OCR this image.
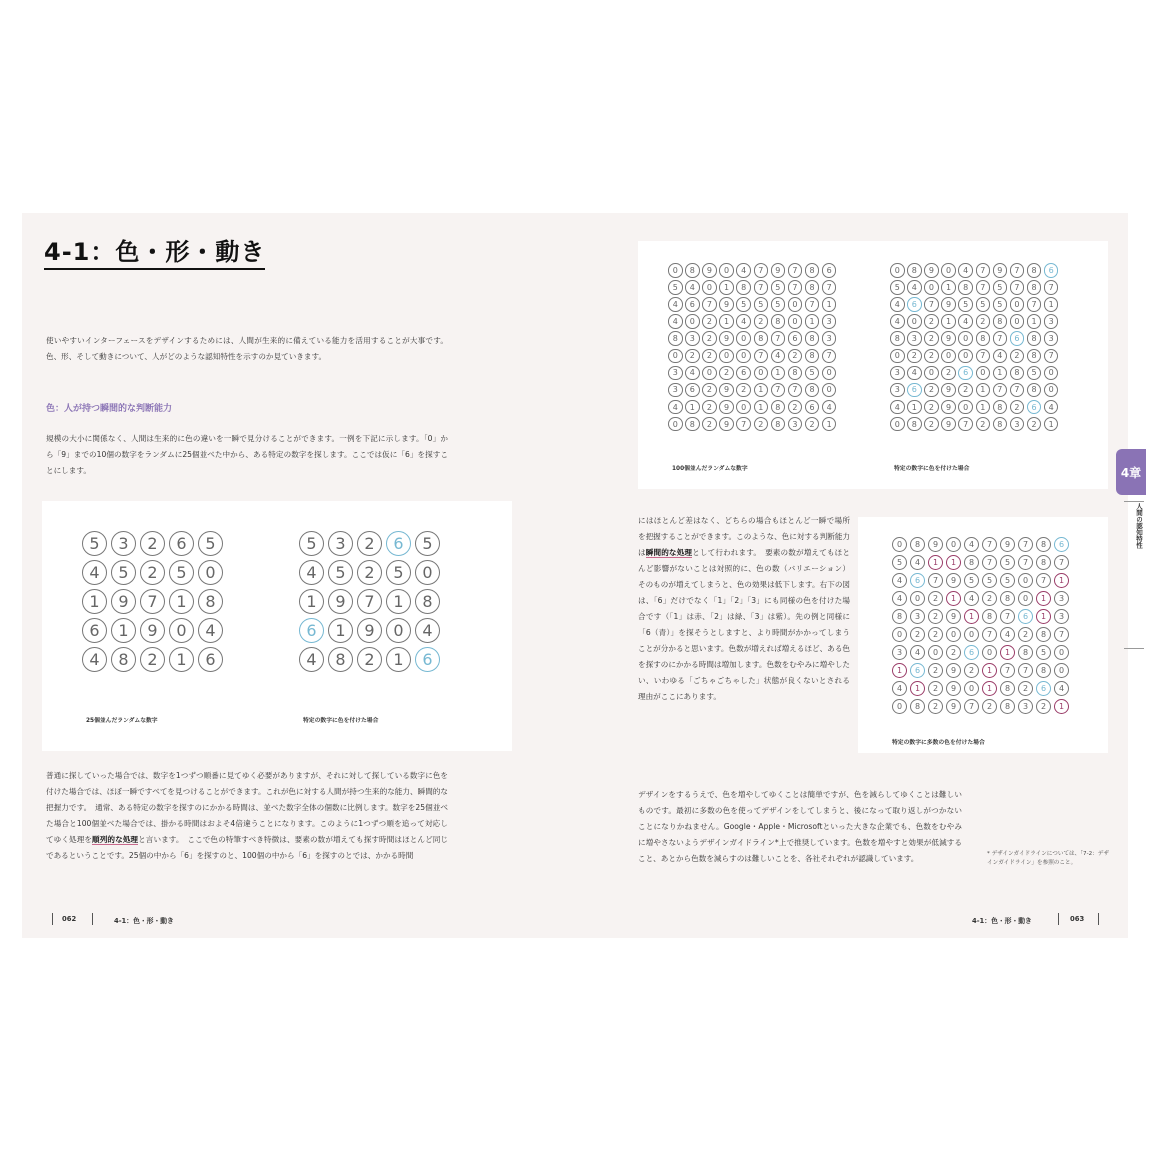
4-1：色・形・動き

使いやすいインターフェースをデザインするためには、人間が生来的に備えている能力を活用することが大事です。色、形、そして動きについて、人がどのような認知特性を示すのか見ていきます。

色：人が持つ瞬間的な判断能力

規模の大小に関係なく、人間は生来的に色の違いを一瞬で見分けることができます。一例を下記に示します。「0」から「9」までの10個の数字をランダムに25個並べた中から、ある特定の数字を探します。ここでは仮に「6」を探すことにします。

5	3	2	6	5
4	5	2	5	0
1	9	7	1	8
6	1	9	0	4
4	8	2	1	6
5	3	2	6	5
4	5	2	5	0
1	9	7	1	8
6	1	9	0	4
4	8	2	1	6
25個並んだランダムな数字	特定の数字に色を付けた場合

普通に探していった場合では、数字を1つずつ順番に見てゆく必要がありますが、それに対して探している数字に色を付けた場合では、ほぼ一瞬ですべてを見つけることができます。これが色に対する人間が持つ生来的な能力、瞬間的な把握力です。　通常、ある特定の数字を探すのにかかる時間は、並べた数字全体の個数に比例します。数字を25個並べた場合と100個並べた場合では、掛かる時間はおよそ4倍違うことになります。このように1つずつ順を追って対応してゆく処理を順列的な処理と言います。　ここで色の特筆すべき特徴は、要素の数が増えても探す時間はほとんど同じであるということです。25個の中から「6」を探すのと、100個の中から「6」を探すのとでは、かかる時間

0	8	9	0	4	7	9	7	8	6
5	4	0	1	8	7	5	7	8	7
4	6	7	9	5	5	5	0	7	1
4	0	2	1	4	2	8	0	1	3
8	3	2	9	0	8	7	6	8	3
0	2	2	0	0	7	4	2	8	7
3	4	0	2	6	0	1	8	5	0
3	6	2	9	2	1	7	7	8	0
4	1	2	9	0	1	8	2	6	4
0	8	2	9	7	2	8	3	2	1
0	8	9	0	4	7	9	7	8	6
5	4	0	1	8	7	5	7	8	7
4	6	7	9	5	5	5	0	7	1
4	0	2	1	4	2	8	0	1	3
8	3	2	9	0	8	7	6	8	3
0	2	2	0	0	7	4	2	8	7
3	4	0	2	6	0	1	8	5	0
3	6	2	9	2	1	7	7	8	0
4	1	2	9	0	1	8	2	6	4
0	8	2	9	7	2	8	3	2	1
100個並んだランダムな数字	特定の数字に色を付けた場合

にはほとんど差はなく、どちらの場合もほとんど一瞬で場所を把握することができます。このような、色に対する判断能力は瞬間的な処理として行われます。　要素の数が増えてもほとんど影響がないことは対照的に、色の数（バリエーション）そのものが増えてしまうと、色の効果は低下します。右下の図は、「6」だけでなく「1」「2」「3」にも同様の色を付けた場合です（「1」は赤、「2」は緑、「3」は紫）。先の例と同様に「6（青）」を探そうとしますと、より時間がかかってしまうことが分かると思います。色数が増えれば増えるほど、ある色を探すのにかかる時間は増加します。色数をむやみに増やしたい、いわゆる「ごちゃごちゃした」状態が良くないとされる理由がここにあります。

0	8	9	0	4	7	9	7	8	6
5	4	1	1	8	7	5	7	8	7
4	6	7	9	5	5	5	0	7	1
4	0	2	1	4	2	8	0	1	3
8	3	2	9	1	8	7	6	1	3
0	2	2	0	0	7	4	2	8	7
3	4	0	2	6	0	1	8	5	0
1	6	2	9	2	1	7	7	8	0
4	1	2	9	0	1	8	2	6	4
0	8	2	9	7	2	8	3	2	1
特定の数字に多数の色を付けた場合

デザインをするうえで、色を増やしてゆくことは簡単ですが、色を減らしてゆくことは難しいものです。最初に多数の色を使ってデザインをしてしまうと、後になって取り返しがつかないことになりかねません。Google・Apple・Microsoftといった大きな企業でも、色数をむやみに増やさないようデザインガイドライン*上で推奨しています。色数を増やすと効果が低減すること、あとから色数を減らすのは難しいことを、各社それぞれが認識しています。	* デザインガイドラインについては、「7-2：デザインガイドライン」を参照のこと。
4章
人間の認知特性
062	4-1：色・形・動き	4-1：色・形・動き	063
